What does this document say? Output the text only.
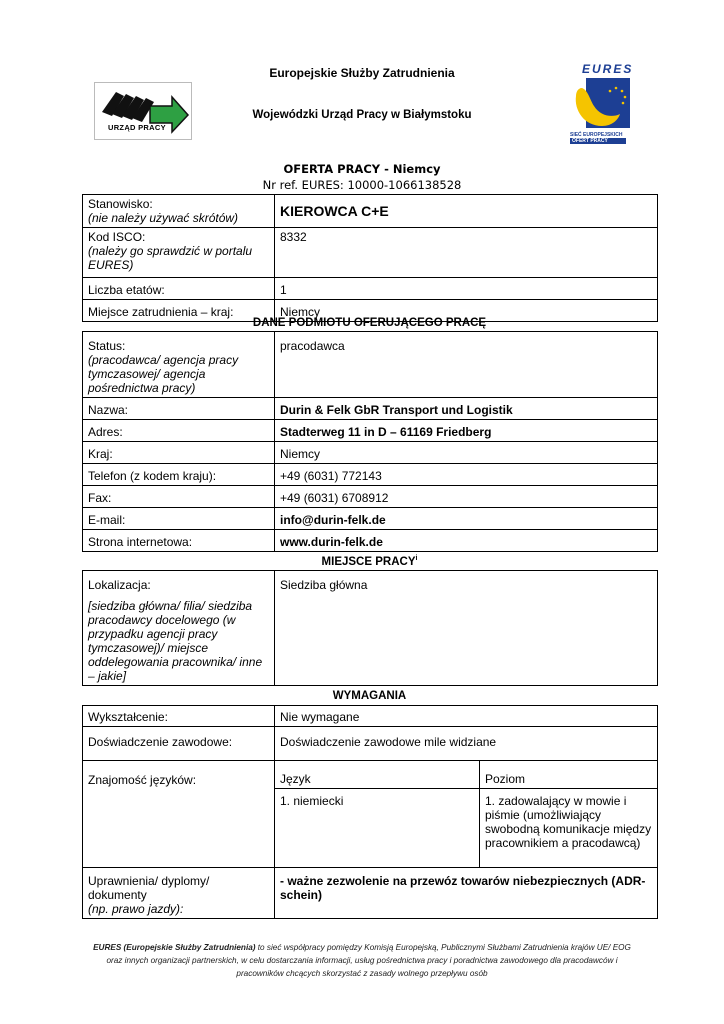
Europejskie Służby Zatrudnienia
Wojewódzki Urząd Pracy w Białymstoku
URZĄD PRACY
EURES
SIEĆ EUROPEJSKICH
OFERT PRACY
OFERTA PRACY - Niemcy
Nr ref. EURES: 10000-1066138528
Stanowisko:
(nie należy używać skrótów)	KIEROWCA C+E

Kod ISCO:
(należy go sprawdzić w portalu EURES)	8332
Liczba etatów:	1
Miejsce zatrudnienia – kraj:	Niemcy
DANE PODMIOTU OFERUJĄCEGO PRACĘ
Status:
(pracodawca/ agencja pracy tymczasowej/ agencja pośrednictwa pracy)	pracodawca
Nazwa:	Durin & Felk GbR Transport und Logistik
Adres:	Stadterweg 11 in D – 61169 Friedberg
Kraj:	Niemcy
Telefon (z kodem kraju):	+49 (6031) 772143
Fax:	+49 (6031) 6708912
E-mail:	info@durin-felk.de
Strona internetowa:	www.durin-felk.de
MIEJSCE PRACY$^i$
Lokalizacja:
[siedziba główna/ filia/ siedziba pracodawcy docelowego (w przypadku agencji pracy tymczasowej)/ miejsce oddelegowania pracownika/ inne – jakie]
	Siedziba główna
WYMAGANIA
Wykształcenie:	Nie wymagane	
Doświadczenie zawodowe:	Doświadczenie zawodowe mile widziane	
Znajomość języków:	Język	Poziom
	1. niemiecki	1. zadowalający w mowie i piśmie (umożliwiający swobodną komunikacje między pracownikiem a pracodawcą)
Uprawnienia/ dyplomy/ dokumenty
(np. prawo jazdy):	- ważne zezwolenie na przewóz towarów niebezpiecznych (ADR-schein)	
EURES (Europejskie Służby Zatrudnienia) to sieć współpracy pomiędzy Komisją Europejską, Publicznymi Służbami Zatrudnienia krajów UE/ EOG
oraz innych organizacji partnerskich, w celu dostarczania informacji, usług pośrednictwa pracy i poradnictwa zawodowego dla pracodawców i
pracowników chcących skorzystać z zasady wolnego przepływu osób
